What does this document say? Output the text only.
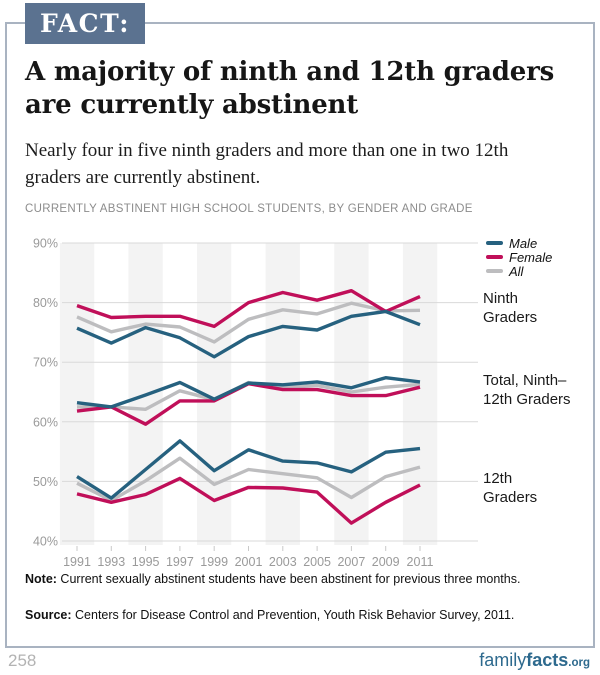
FACT:
A majority of ninth and 12th graders are currently abstinent

Nearly four in five ninth graders and more than one in two 12th graders are currently abstinent.

CURRENTLY ABSTINENT HIGH SCHOOL STUDENTS, BY GENDER AND GRADE
90%
80%
70%
60%
50%
40%
1991 1993 1995 1997 1999 2001 2003 2005 2007 2009 2011
Male
Female
All
Ninth
Graders
Total, Ninth–
12th Graders
12th
Graders

Note: Current sexually abstinent students have been abstinent for previous three months.

Source: Centers for Disease Control and Prevention, Youth Risk Behavior Survey, 2011.

258	familyfacts.org
